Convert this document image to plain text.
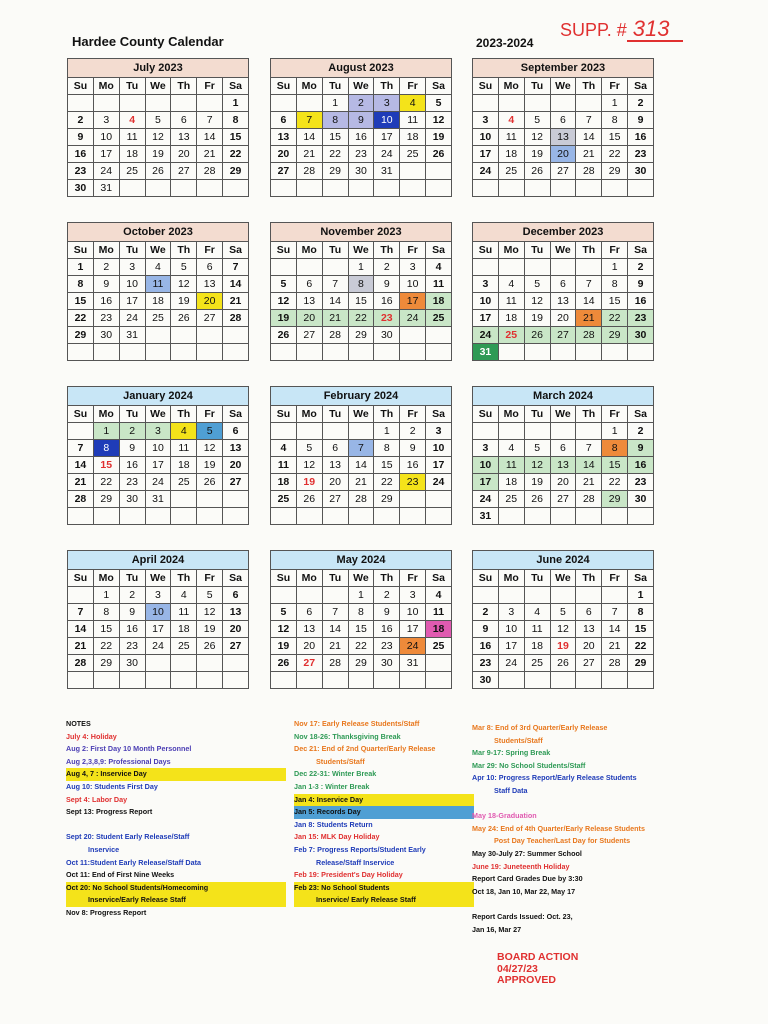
Hardee County Calendar	2023-2024
SUPP. # 313
July 2023
Su	Mo	Tu	We	Th	Fr	Sa
						1
2	3	4	5	6	7	8
9	10	11	12	13	14	15
16	17	18	19	20	21	22
23	24	25	26	27	28	29
30	31					
August 2023
Su	Mo	Tu	We	Th	Fr	Sa
		1	2	3	4	5
6	7	8	9	10	11	12
13	14	15	16	17	18	19
20	21	22	23	24	25	26
27	28	29	30	31		

September 2023
Su	Mo	Tu	We	Th	Fr	Sa
					1	2
3	4	5	6	7	8	9
10	11	12	13	14	15	16
17	18	19	20	21	22	23
24	25	26	27	28	29	30

October 2023
Su	Mo	Tu	We	Th	Fr	Sa
1	2	3	4	5	6	7
8	9	10	11	12	13	14
15	16	17	18	19	20	21
22	23	24	25	26	27	28
29	30	31				

November 2023
Su	Mo	Tu	We	Th	Fr	Sa
			1	2	3	4
5	6	7	8	9	10	11
12	13	14	15	16	17	18
19	20	21	22	23	24	25
26	27	28	29	30		

December 2023
Su	Mo	Tu	We	Th	Fr	Sa
					1	2
3	4	5	6	7	8	9
10	11	12	13	14	15	16
17	18	19	20	21	22	23
24	25	26	27	28	29	30
31						
January 2024
Su	Mo	Tu	We	Th	Fr	Sa
	1	2	3	4	5	6
7	8	9	10	11	12	13
14	15	16	17	18	19	20
21	22	23	24	25	26	27
28	29	30	31			

February 2024
Su	Mo	Tu	We	Th	Fr	Sa
				1	2	3
4	5	6	7	8	9	10
11	12	13	14	15	16	17
18	19	20	21	22	23	24
25	26	27	28	29		

March 2024
Su	Mo	Tu	We	Th	Fr	Sa
					1	2
3	4	5	6	7	8	9
10	11	12	13	14	15	16
17	18	19	20	21	22	23
24	25	26	27	28	29	30
31						
April 2024
Su	Mo	Tu	We	Th	Fr	Sa
	1	2	3	4	5	6
7	8	9	10	11	12	13
14	15	16	17	18	19	20
21	22	23	24	25	26	27
28	29	30				

May 2024
Su	Mo	Tu	We	Th	Fr	Sa
			1	2	3	4
5	6	7	8	9	10	11
12	13	14	15	16	17	18
19	20	21	22	23	24	25
26	27	28	29	30	31	

June 2024
Su	Mo	Tu	We	Th	Fr	Sa
						1
2	3	4	5	6	7	8
9	10	11	12	13	14	15
16	17	18	19	20	21	22
23	24	25	26	27	28	29
30						
NOTES
July 4: Holiday
Aug 2: First Day 10 Month Personnel
Aug 2,3,8,9: Professional Days
Aug 4, 7 : Inservice Day
Aug 10: Students First Day
Sept 4: Labor Day
Sept 13: Progress Report

Sept 20: Student Early Release/Staff
Inservice
Oct 11:Student Early Release/Staff Data
Oct 11: End of First Nine Weeks
Oct 20: No School Students/Homecoming
Inservice/Early Release Staff
Nov 8: Progress Report
Nov 17: Early Release Students/Staff
Nov 18-26: Thanksgiving Break
Dec 21: End of 2nd Quarter/Early Release
Students/Staff
Dec 22-31: Winter Break
Jan 1-3 : Winter Break
Jan 4: Inservice Day
Jan 5: Records Day
Jan 8: Students Return
Jan 15: MLK Day Holiday
Feb 7: Progress Reports/Student Early
Release/Staff Inservice
Feb 19: President's Day Holiday
Feb 23: No School Students
Inservice/ Early Release Staff
Mar 8: End of 3rd Quarter/Early Release
Students/Staff
Mar 9-17: Spring Break
Mar 29: No School Students/Staff
Apr 10: Progress Report/Early Release Students
Staff Data

May 18-Graduation
May 24: End of 4th Quarter/Early Release Students
Post Day Teacher/Last Day for Students
May 30-July 27: Summer School
June 19: Juneteenth Holiday
Report Card Grades Due by 3:30
Oct 18, Jan 10, Mar 22, May 17

Report Cards Issued: Oct. 23,
Jan 16, Mar 27
BOARD ACTION
04/27/23
APPROVED
